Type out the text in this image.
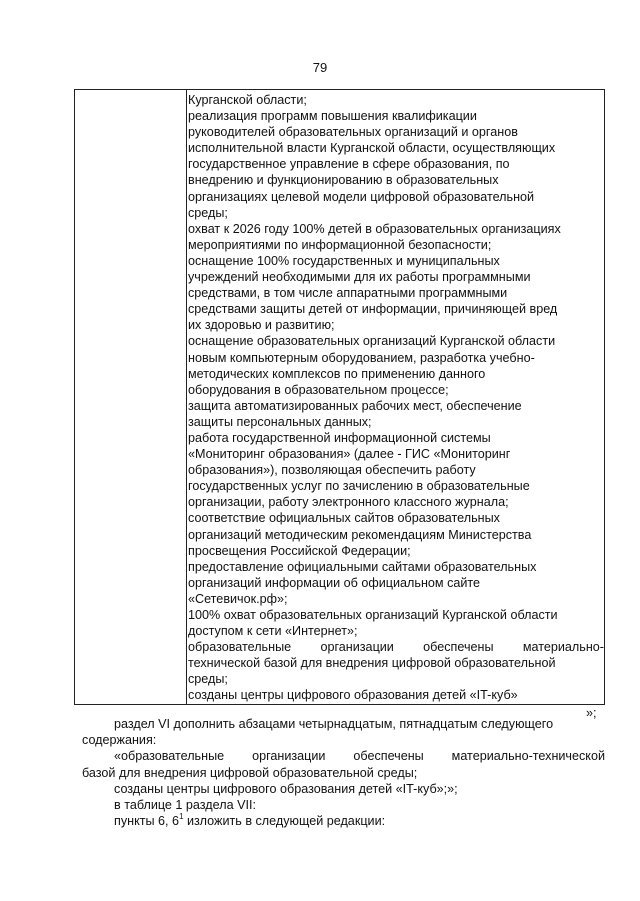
79
Курганской области;
реализация программ повышения квалификации
руководителей образовательных организаций и органов
исполнительной власти Курганской области, осуществляющих
государственное управление в сфере образования, по
внедрению и функционированию в образовательных
организациях целевой модели цифровой образовательной
среды;
охват к 2026 году 100% детей в образовательных организациях
мероприятиями по информационной безопасности;
оснащение 100% государственных и муниципальных
учреждений необходимыми для их работы программными
средствами, в том числе аппаратными программными
средствами защиты детей от информации, причиняющей вред
их здоровью и развитию;
оснащение образовательных организаций Курганской области
новым компьютерным оборудованием, разработка учебно-
методических комплексов по применению данного
оборудования в образовательном процессе;
защита автоматизированных рабочих мест, обеспечение
защиты персональных данных;
работа государственной информационной системы
«Мониторинг образования» (далее - ГИС «Мониторинг
образования»), позволяющая обеспечить работу
государственных услуг по зачислению в образовательные
организации, работу электронного классного журнала;
соответствие официальных сайтов образовательных
организаций методическим рекомендациям Министерства
просвещения Российской Федерации;
предоставление официальными сайтами образовательных
организаций информации об официальном сайте
«Сетевичок.рф»;
100% охват образовательных организаций Курганской области
доступом к сети «Интернет»;
образовательные организации обеспечены материально-
технической базой для внедрения цифровой образовательной
среды;
созданы центры цифрового образования детей «IT-куб»
»;
раздел VI дополнить абзацами четырнадцатым, пятнадцатым следующего
содержания:
«образовательные организации обеспечены материально-технической
базой для внедрения цифровой образовательной среды;
созданы центры цифрового образования детей «IT-куб»;»;
в таблице 1 раздела VII:
пункты 6, $6^1$ изложить в следующей редакции:
